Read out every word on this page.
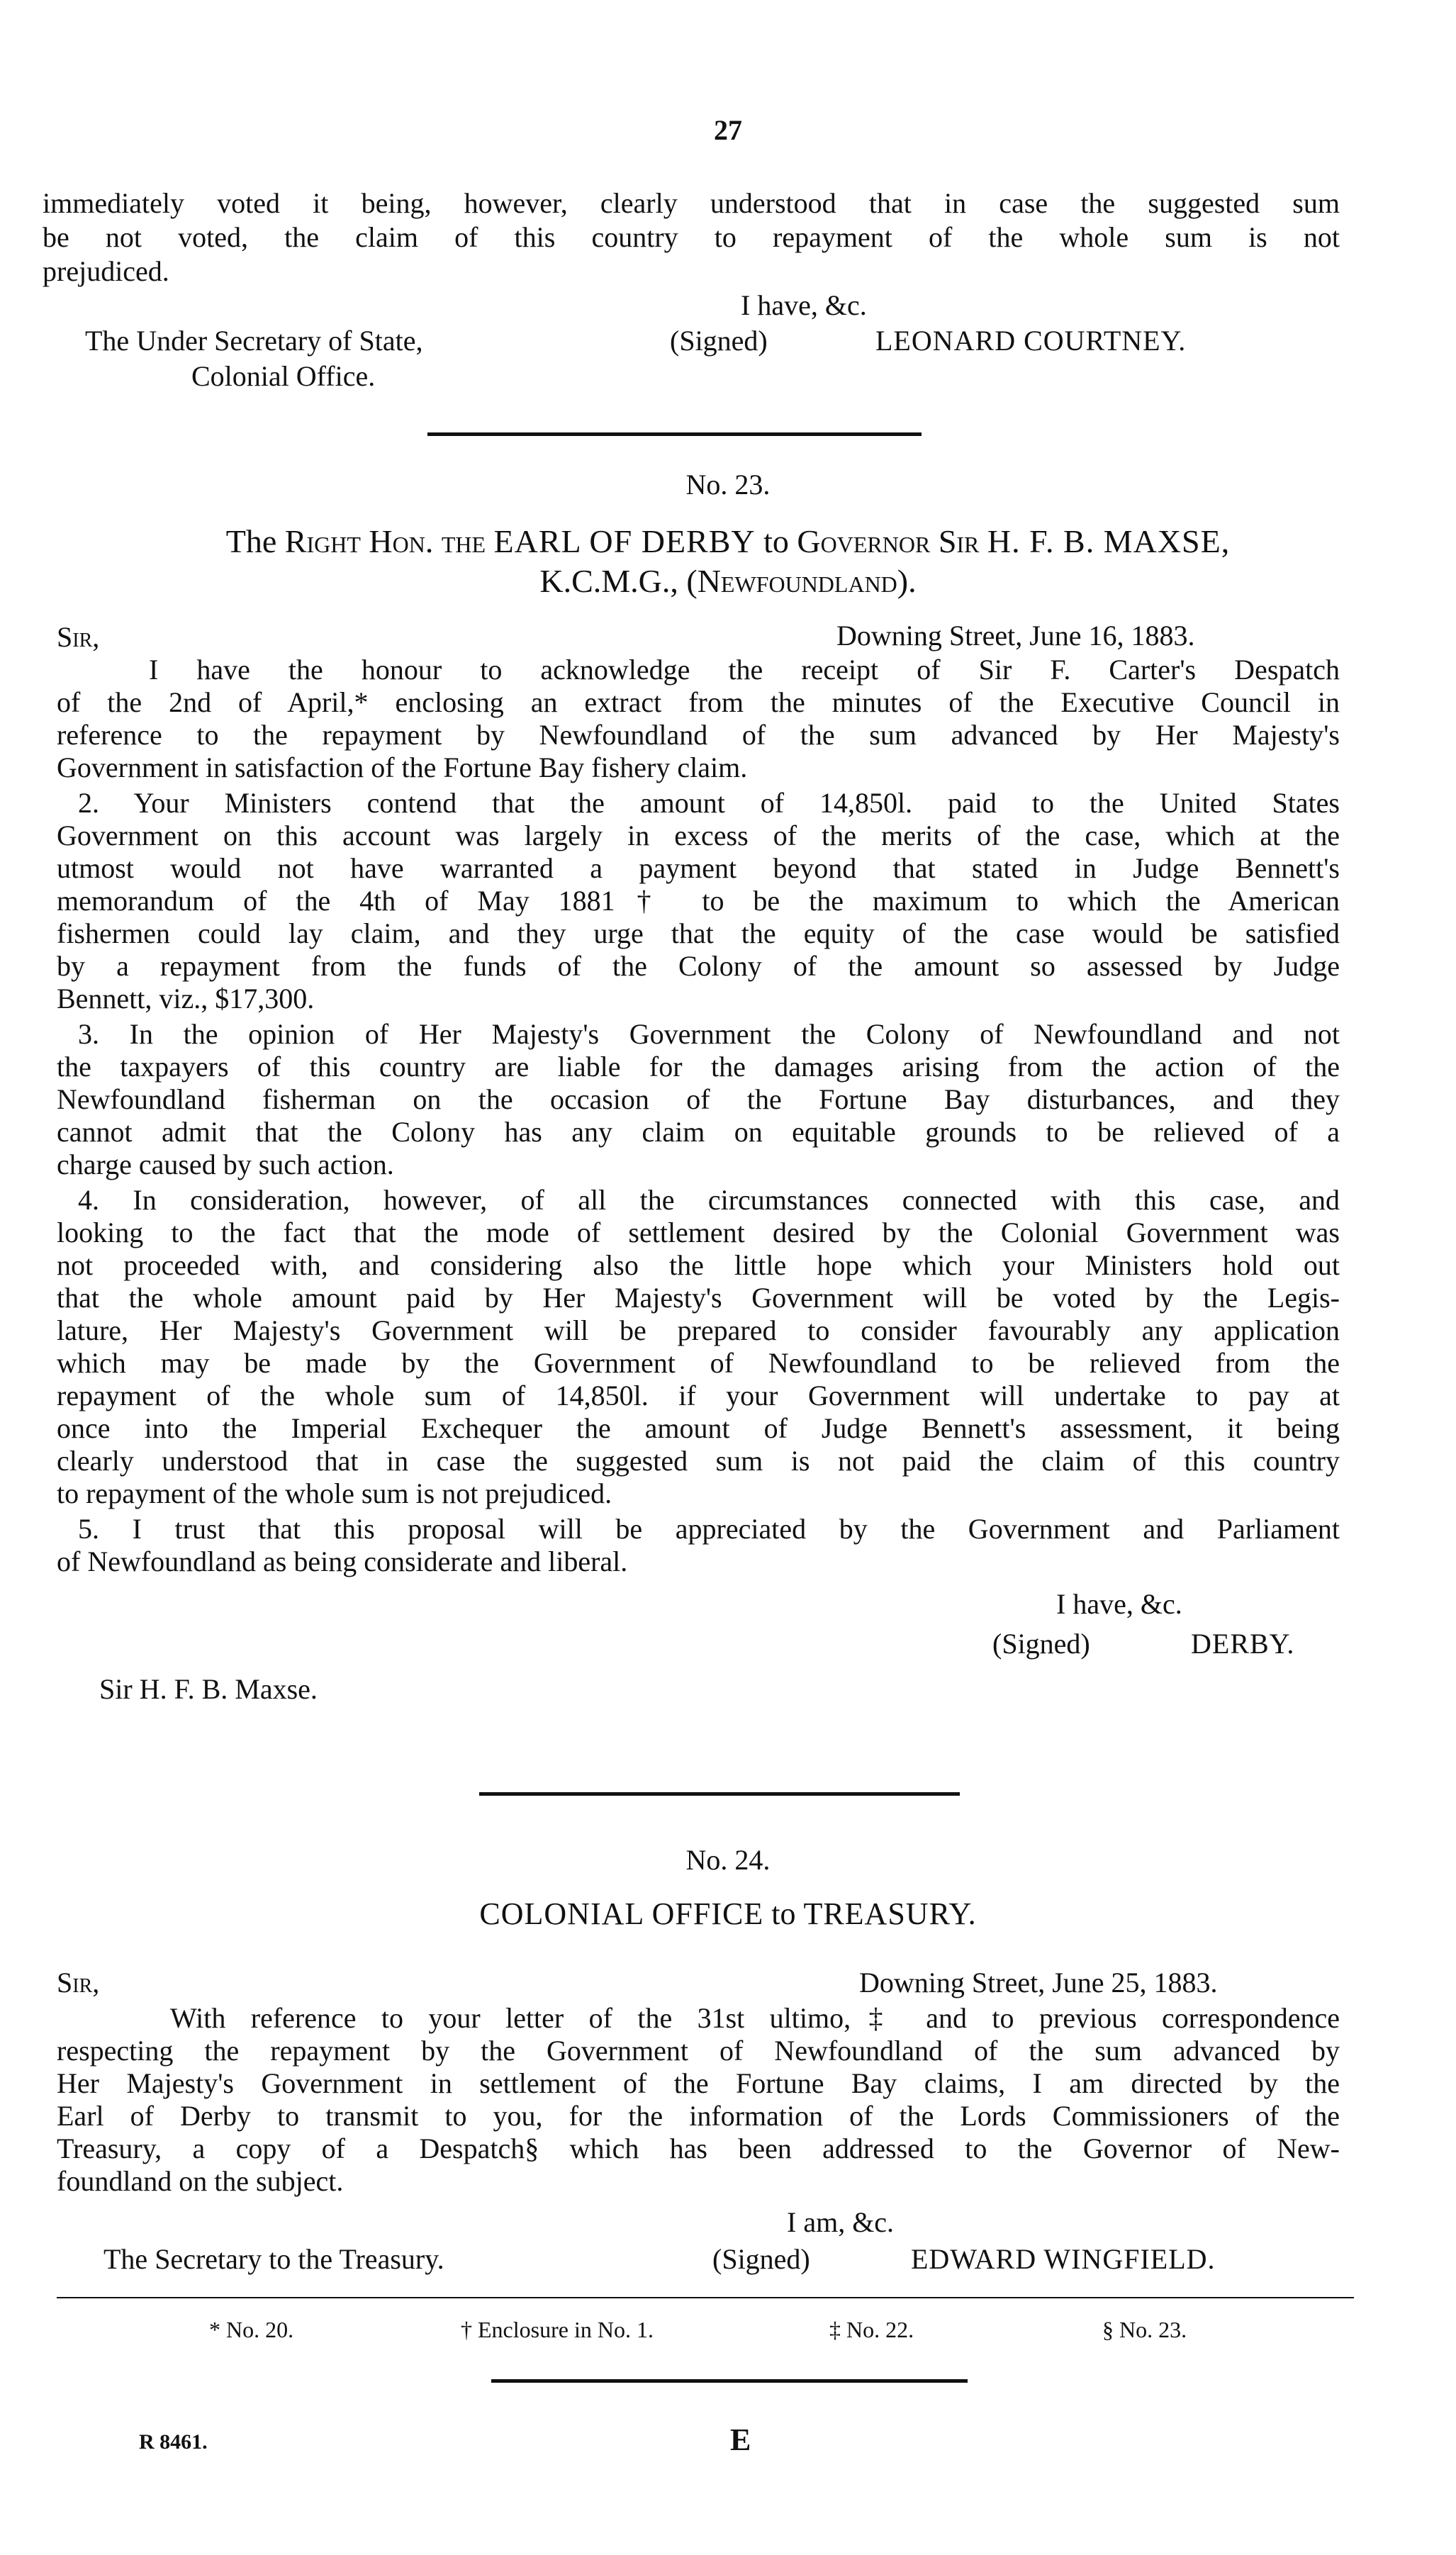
27
immediately voted it being, however, clearly understood that in case the suggested sum
be not voted, the claim of this country to repayment of the whole sum is not
prejudiced.
I have, &c.
The Under Secretary of State,	(Signed)	LEONARD COURTNEY.
Colonial Office.
No. 23.
The Right Hon. the EARL OF DERBY to Governor Sir H. F. B. MAXSE,
K.C.M.G., (Newfoundland).
Sir,	Downing Street, June 16, 1883.
I have the honour to acknowledge the receipt of Sir F. Carter's Despatch
of the 2nd of April,* enclosing an extract from the minutes of the Executive Council in
reference to the repayment by Newfoundland of the sum advanced by Her Majesty's
Government in satisfaction of the Fortune Bay fishery claim.
2. Your Ministers contend that the amount of 14,850l. paid to the United States
Government on this account was largely in excess of the merits of the case, which at the
utmost would not have warranted a payment beyond that stated in Judge Bennett's
memorandum of the 4th of May 1881† to be the maximum to which the American
fishermen could lay claim, and they urge that the equity of the case would be satisfied
by a repayment from the funds of the Colony of the amount so assessed by Judge
Bennett, viz., $17,300.
3. In the opinion of Her Majesty's Government the Colony of Newfoundland and not
the taxpayers of this country are liable for the damages arising from the action of the
Newfoundland fisherman on the occasion of the Fortune Bay disturbances, and they
cannot admit that the Colony has any claim on equitable grounds to be relieved of a
charge caused by such action.
4. In consideration, however, of all the circumstances connected with this case, and
looking to the fact that the mode of settlement desired by the Colonial Government was
not proceeded with, and considering also the little hope which your Ministers hold out
that the whole amount paid by Her Majesty's Government will be voted by the Legis-
lature, Her Majesty's Government will be prepared to consider favourably any application
which may be made by the Government of Newfoundland to be relieved from the
repayment of the whole sum of 14,850l. if your Government will undertake to pay at
once into the Imperial Exchequer the amount of Judge Bennett's assessment, it being
clearly understood that in case the suggested sum is not paid the claim of this country
to repayment of the whole sum is not prejudiced.
5. I trust that this proposal will be appreciated by the Government and Parliament
of Newfoundland as being considerate and liberal.
I have, &c.
(Signed)	DERBY.
Sir H. F. B. Maxse.
No. 24.
COLONIAL OFFICE to TREASURY.
Sir,	Downing Street, June 25, 1883.
With reference to your letter of the 31st ultimo,‡ and to previous correspondence
respecting the repayment by the Government of Newfoundland of the sum advanced by
Her Majesty's Government in settlement of the Fortune Bay claims, I am directed by the
Earl of Derby to transmit to you, for the information of the Lords Commissioners of the
Treasury, a copy of a Despatch§ which has been addressed to the Governor of New-
foundland on the subject.
I am, &c.
The Secretary to the Treasury.	(Signed)	EDWARD WINGFIELD.
* No. 20.	† Enclosure in No. 1.	‡ No. 22.	§ No. 23.
R 8461.	E
